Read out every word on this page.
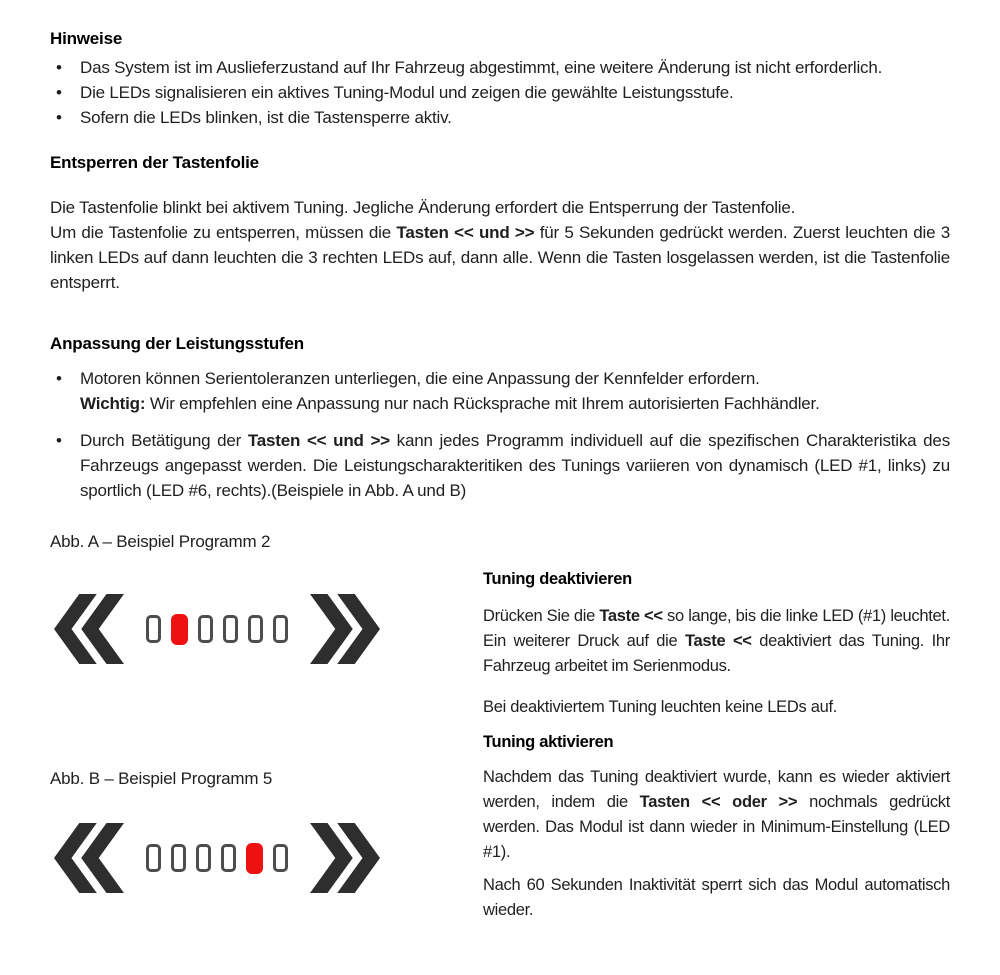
Hinweise
•	Das System ist im Auslieferzustand auf Ihr Fahrzeug abgestimmt, eine weitere Änderung ist nicht erforderlich.
•	Die LEDs signalisieren ein aktives Tuning-Modul und zeigen die gewählte Leistungsstufe.
•	Sofern die LEDs blinken, ist die Tastensperre aktiv.
Entsperren der Tastenfolie
Die Tastenfolie blinkt bei aktivem Tuning. Jegliche Änderung erfordert die Entsperrung der Tastenfolie.
Um die Tastenfolie zu entsperren, müssen die Tasten << und >> für 5 Sekunden gedrückt werden. Zuerst leuchten die 3 linken LEDs auf dann leuchten die 3 rechten LEDs auf, dann alle. Wenn die Tasten losgelassen werden, ist die Tastenfolie entsperrt.
Anpassung der Leistungsstufen
•	Motoren können Serientoleranzen unterliegen, die eine Anpassung der Kennfelder erfordern.
Wichtig: Wir empfehlen eine Anpassung nur nach Rücksprache mit Ihrem autorisierten Fachhändler.
•	Durch Betätigung der Tasten << und >> kann jedes Programm individuell auf die spezifischen Charakteristika des Fahrzeugs angepasst werden. Die Leistungscharakteritiken des Tunings variieren von dynamisch (LED #1, links) zu sportlich (LED #6, rechts).(Beispiele in Abb. A und B)
Abb. A – Beispiel Programm 2
Abb. B – Beispiel Programm 5
Tuning deaktivieren
Drücken Sie die Taste << so lange, bis die linke LED (#1) leuchtet. Ein weiterer Druck auf die Taste << deaktiviert das Tuning. Ihr Fahrzeug arbeitet im Serienmodus.
Bei deaktiviertem Tuning leuchten keine LEDs auf.
Tuning aktivieren
Nachdem das Tuning deaktiviert wurde, kann es wieder aktiviert werden, indem die Tasten << oder >> nochmals gedrückt werden. Das Modul ist dann wieder in Minimum-Einstellung (LED #1).
Nach 60 Sekunden Inaktivität sperrt sich das Modul automatisch wieder.
